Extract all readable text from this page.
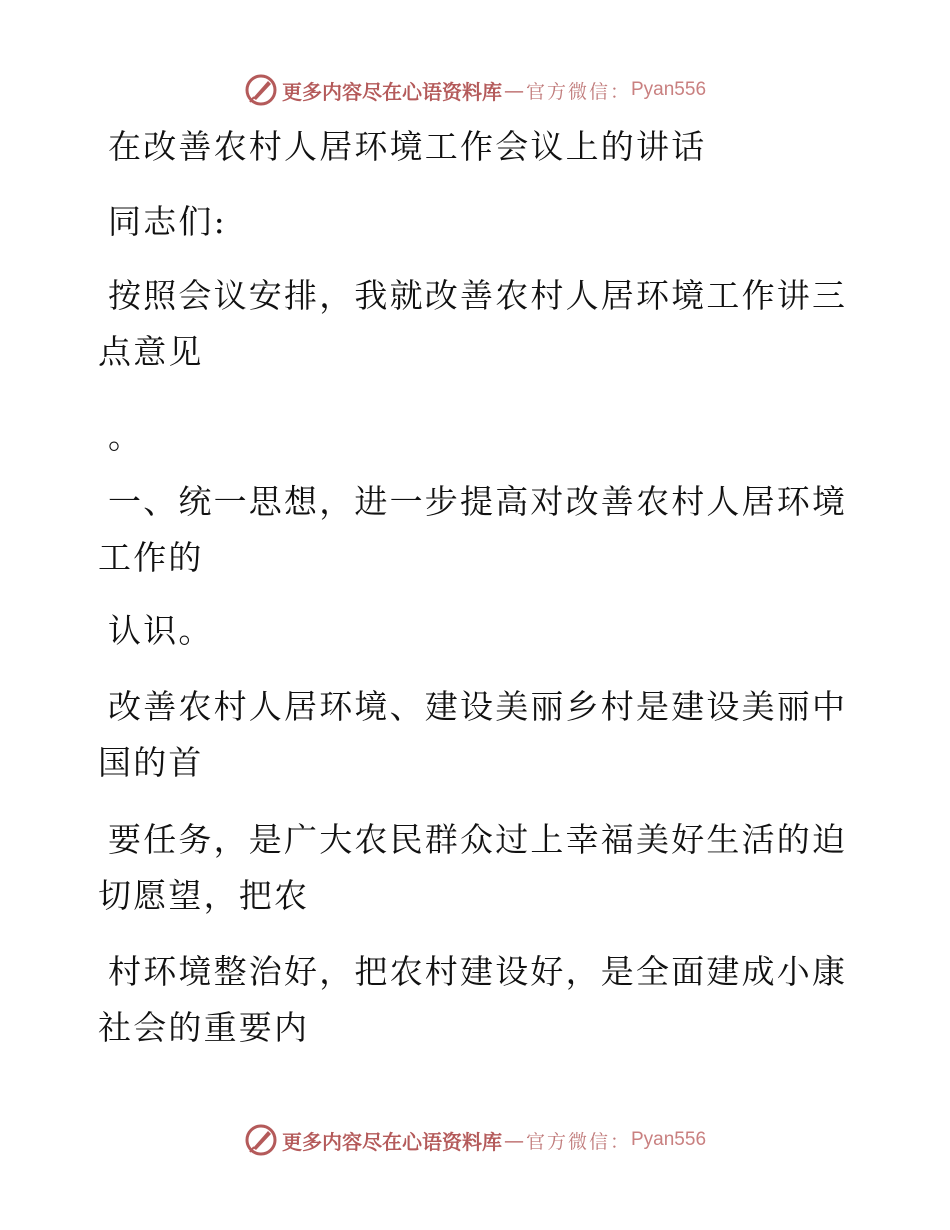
更多内容尽在心语资料库 — 官方微信： Pyan556
在改善农村人居环境工作会议上的讲话
同志们:
按照会议安排，我就改善农村人居环境工作讲三
点意见
。
一、统一思想，进一步提高对改善农村人居环境
工作的
认识。
改善农村人居环境、建设美丽乡村是建设美丽中
国的首
要任务，是广大农民群众过上幸福美好生活的迫
切愿望，把农
村环境整治好，把农村建设好，是全面建成小康
社会的重要内
更多内容尽在心语资料库 — 官方微信： Pyan556
